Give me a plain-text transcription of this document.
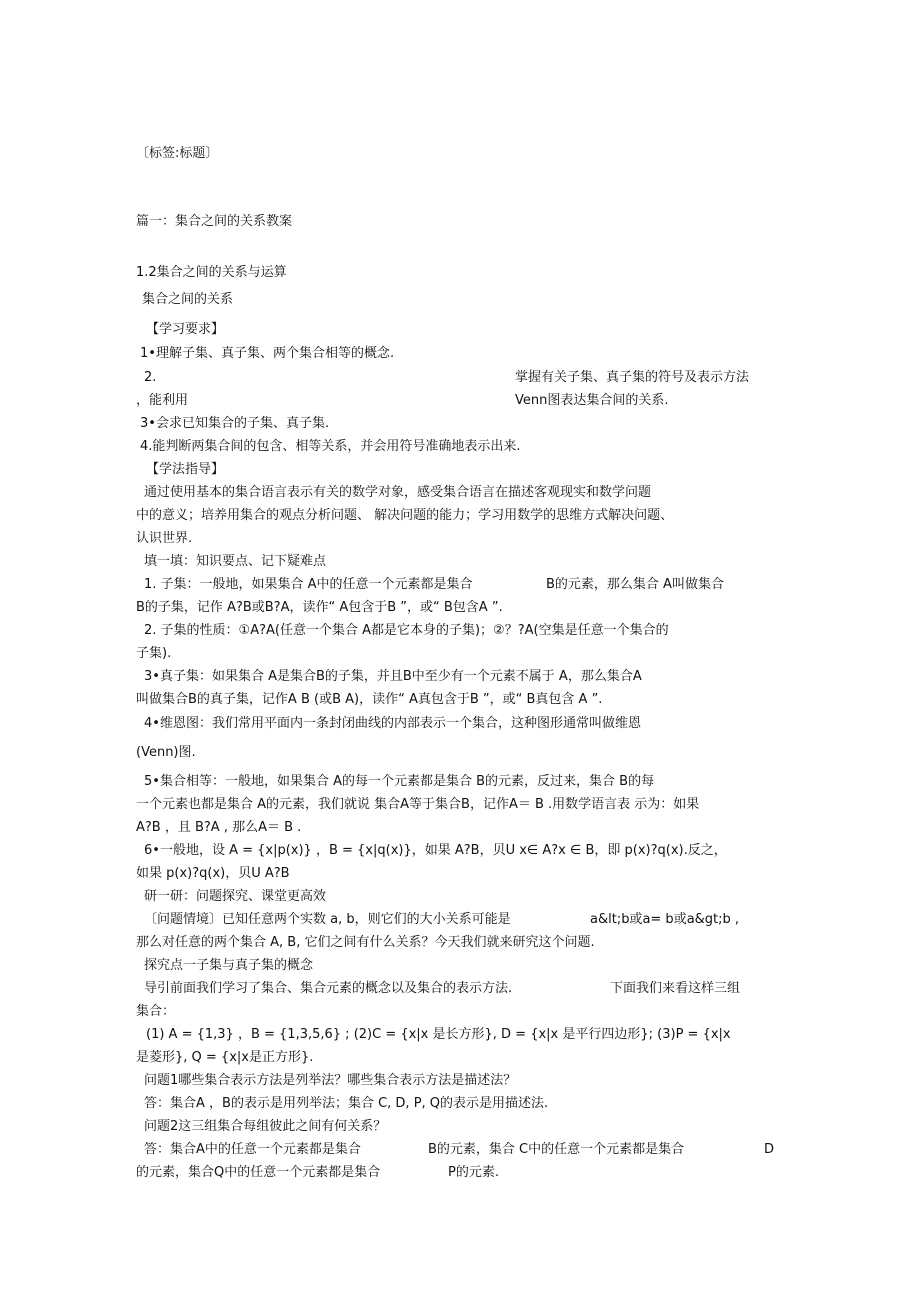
〔标签:标题〕
篇一：集合之间的关系教案
1.2集合之间的关系与运算
集合之间的关系
【学习要求】
1•理解子集、真子集、两个集合相等的概念.
2.	掌握有关子集、真子集的符号及表示方法
，能利用	Venn图表达集合间的关系.
3•会求已知集合的子集、真子集.
4.能判断两集合间的包含、相等关系，并会用符号准确地表示出来.
【学法指导】
通过使用基本的集合语言表示有关的数学对象，感受集合语言在描述客观现实和数学问题
中的意义；培养用集合的观点分析问题、 解决问题的能力；学习用数学的思维方式解决问题、
认识世界.
填一填：知识要点、记下疑难点
1. 子集：一般地，如果集合 A中的任意一个元素都是集合	B的元素，那么集合 A叫做集合
B的子集，记作 A?B或B?A，读作“ A包含于B ”，或“ B包含A ”.
2. 子集的性质：①A?A(任意一个集合 A都是它本身的子集)；②？?A(空集是任意一个集合的
子集).
3•真子集：如果集合 A是集合B的子集，并且B中至少有一个元素不属于 A，那么集合A
叫做集合B的真子集，记作A B (或B A)，读作“ A真包含于B ”，或“ B真包含 A ”.
4•维恩图：我们常用平面内一条封闭曲线的内部表示一个集合，这种图形通常叫做维恩
(Venn)图.
5•集合相等：一般地，如果集合 A的每一个元素都是集合 B的元素，反过来，集合 B的每
一个元素也都是集合 A的元素，我们就说 集合A等于集合B，记作A＝ B .用数学语言表 示为：如果
A?B ，且 B?A , 那么A＝ B .
6•一般地，设 A = {x|p(x)} ，B = {x|q(x)}，如果 A?B，贝U x∈ A?x ∈ B，即 p(x)?q(x).反之，
如果 p(x)?q(x)，贝U A?B
研一研：问题探究、课堂更高效
〔问题情境〕已知任意两个实数 a, b，则它们的大小关系可能是	a&lt;b或a= b或a&gt;b ,
那么对任意的两个集合 A, B, 它们之间有什么关系？今天我们就来研究这个问题.
探究点一子集与真子集的概念
导引前面我们学习了集合、集合元素的概念以及集合的表示方法.	下面我们来看这样三组
集合：
(1) A = {1,3} ，B = {1,3,5,6} ; (2)C = {x|x 是长方形}, D = {x|x 是平行四边形}; (3)P = {x|x
是菱形}, Q = {x|x是正方形}.
问题1哪些集合表示方法是列举法？哪些集合表示方法是描述法？
答：集合A ，B的表示是用列举法；集合 C, D, P, Q的表示是用描述法.
问题2这三组集合每组彼此之间有何关系？
答：集合A中的任意一个元素都是集合	B的元素，集合 C中的任意一个元素都是集合	D
的元素，集合Q中的任意一个元素都是集合	P的元素.
